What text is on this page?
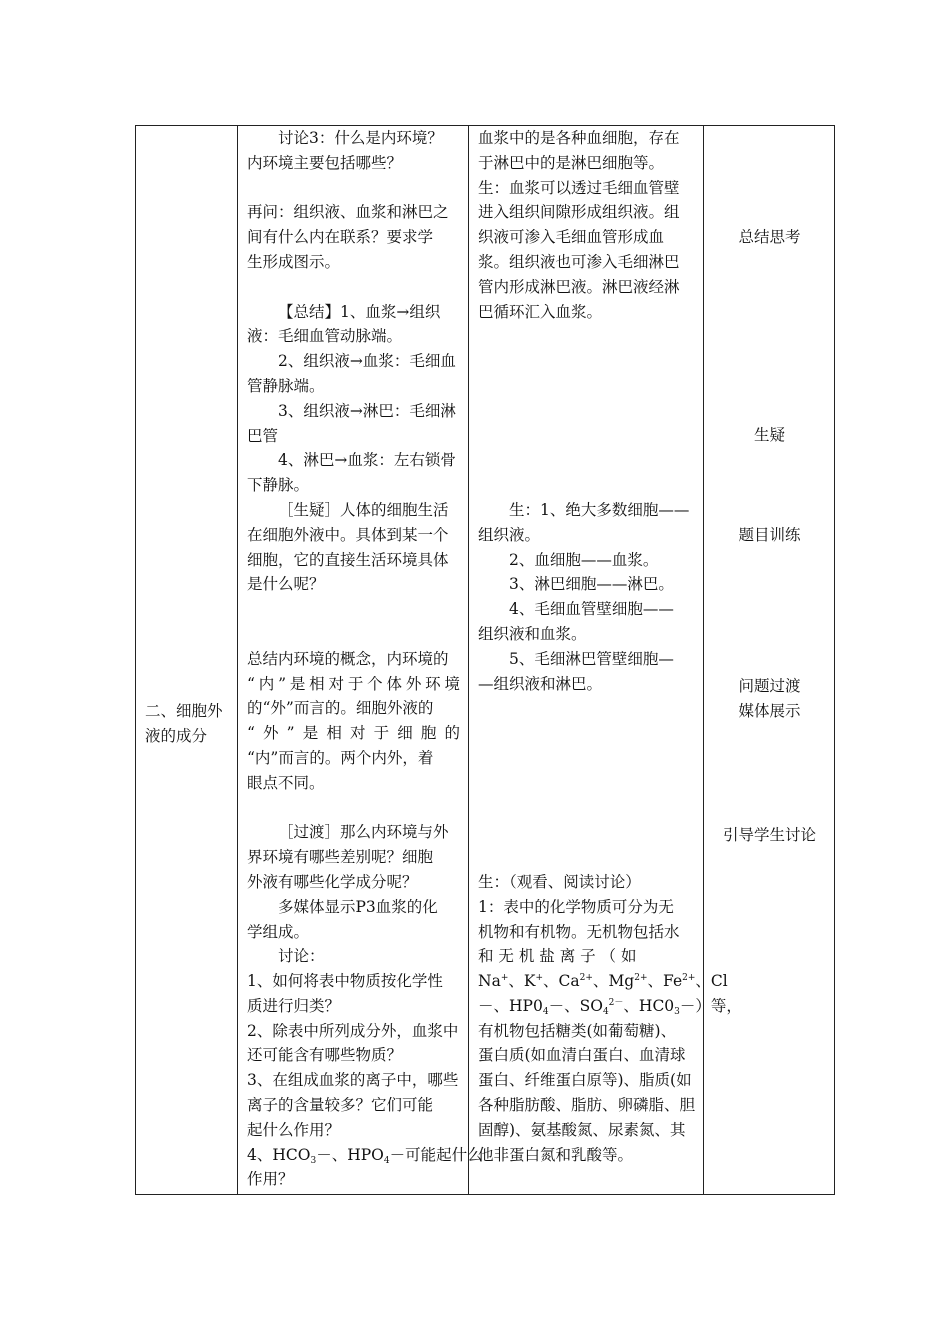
二、细胞外

液的成分

讨论3：什么是内环境？

内环境主要包括哪些？

再问：组织液、血浆和淋巴之

间有什么内在联系？要求学

生形成图示。

【总结】1、血浆→组织

液：毛细血管动脉端。

2、组织液→血浆：毛细血

管静脉端。

3、组织液→淋巴：毛细淋

巴管

4、淋巴→血浆：左右锁骨

下静脉。

［生疑］人体的细胞生活

在细胞外液中。具体到某一个

细胞，它的直接生活环境具体

是什么呢？

总结内环境的概念，内环境的

“内”是相对于个体外环境

的“外”而言的。细胞外液的

“外”是相对于细胞的

“内”而言的。两个内外，着

眼点不同。

［过渡］那么内环境与外

界环境有哪些差别呢？细胞

外液有哪些化学成分呢？

多媒体显示P3血浆的化

学组成。

讨论：

1、如何将表中物质按化学性

质进行归类？

2、除表中所列成分外，血浆中

还可能含有哪些物质？

3、在组成血浆的离子中，哪些

离子的含量较多？它们可能

起什么作用？

4、$HCO_3-$、$HPO_4-$可能起什么

作用？

血浆中的是各种血细胞，存在

于淋巴中的是淋巴细胞等。

生：血浆可以透过毛细血管壁

进入组织间隙形成组织液。组

织液可渗入毛细血管形成血

浆。组织液也可渗入毛细淋巴

管内形成淋巴液。淋巴液经淋

巴循环汇入血浆。

生：1、绝大多数细胞——

组织液。

2、血细胞——血浆。

3、淋巴细胞——淋巴。

4、毛细血管壁细胞——

组织液和血浆。

5、毛细淋巴管壁细胞—

—组织液和淋巴。

生：（观看、阅读讨论）

1：表中的化学物质可分为无

机物和有机物。无机物包括水

和 无 机 盐 离 子 （ 如

Na+、K+、$Ca^{2+}$、$Mg^{2+}$、$Fe^{2+}$、Cl

－、$HP0_4-$、$SO_4^{2-}$、$HC0_3-$）等，

有机物包括糖类(如葡萄糖)、

蛋白质(如血清白蛋白、血清球

蛋白、纤维蛋白原等)、脂质(如

各种脂肪酸、脂肪、卵磷脂、胆

固醇)、氨基酸氮、尿素氮、其

他非蛋白氮和乳酸等。

总结思考

生疑

题目训练

问题过渡

媒体展示

引导学生讨论
